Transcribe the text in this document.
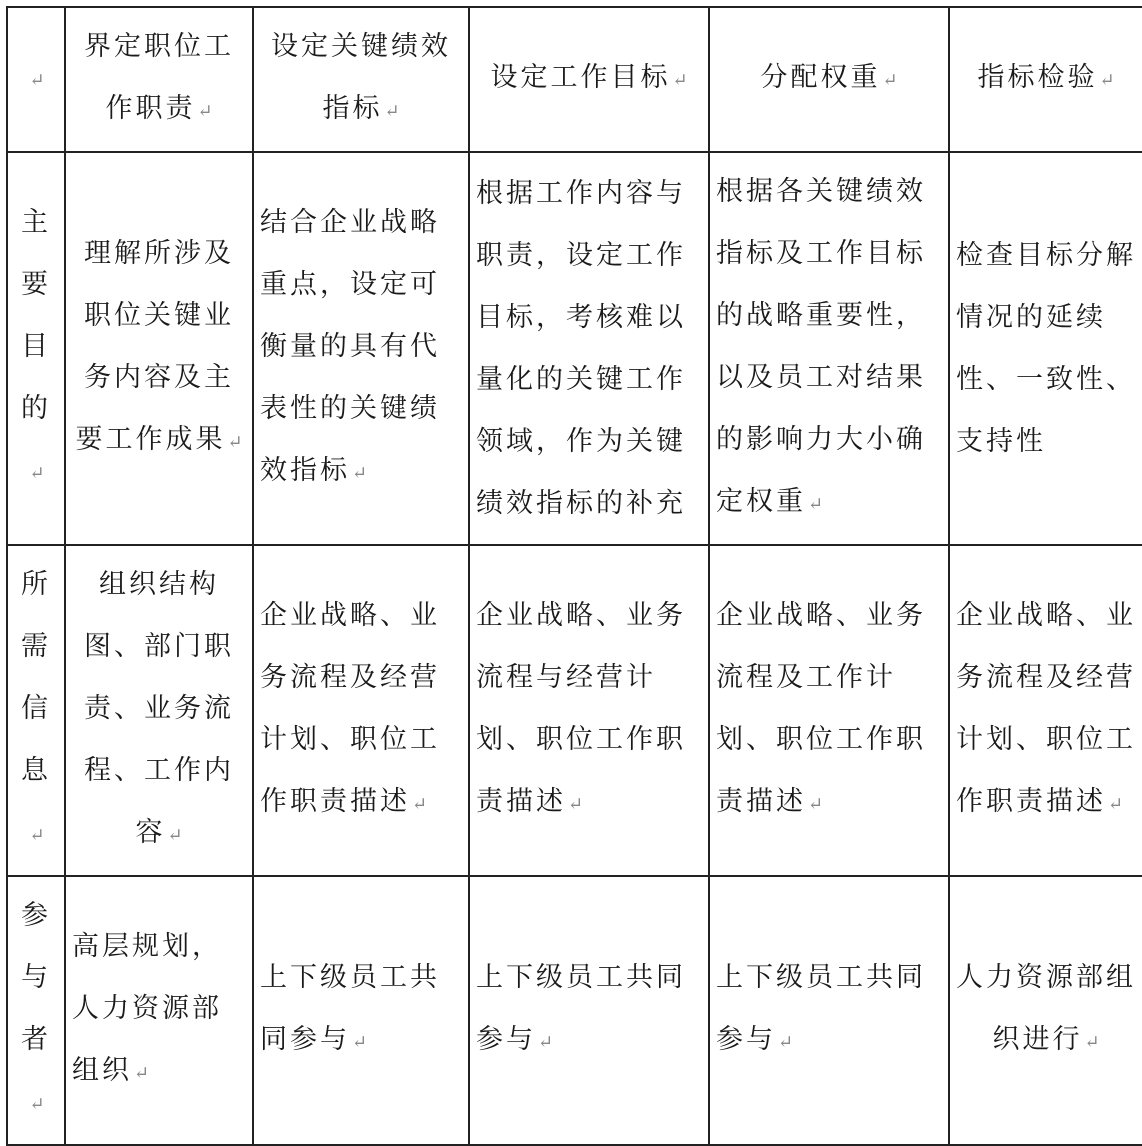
↵	界定职位工作职责 ↵	设定关键绩效指标 ↵	设定工作目标 ↵	分配权重 ↵	指标检验 ↵
主要目的↵	理解所涉及职位关键业务内容及主要工作成果 ↵	结合企业战略重点，设定可衡量的具有代表性的关键绩效指标 ↵	根据工作内容与职责，设定工作目标，考核难以量化的关键工作领域，作为关键绩效指标的补充	根据各关键绩效指标及工作目标的战略重要性，以及员工对结果的影响力大小确定权重 ↵	检查目标分解情况的延续性、一致性、支持性
所需信息↵	组织结构图、部门职责、业务流程、工作内容 ↵	企业战略、业务流程及经营计划、职位工作职责描述 ↵	企业战略、业务流程与经营计划、职位工作职责描述 ↵	企业战略、业务流程及工作计划、职位工作职责描述 ↵	企业战略、业务流程及经营计划、职位工作职责描述 ↵
参与者↵	高层规划，人力资源部组织 ↵	上下级员工共同参与 ↵	上下级员工共同参与 ↵	上下级员工共同参与 ↵	人力资源部组织进行 ↵
